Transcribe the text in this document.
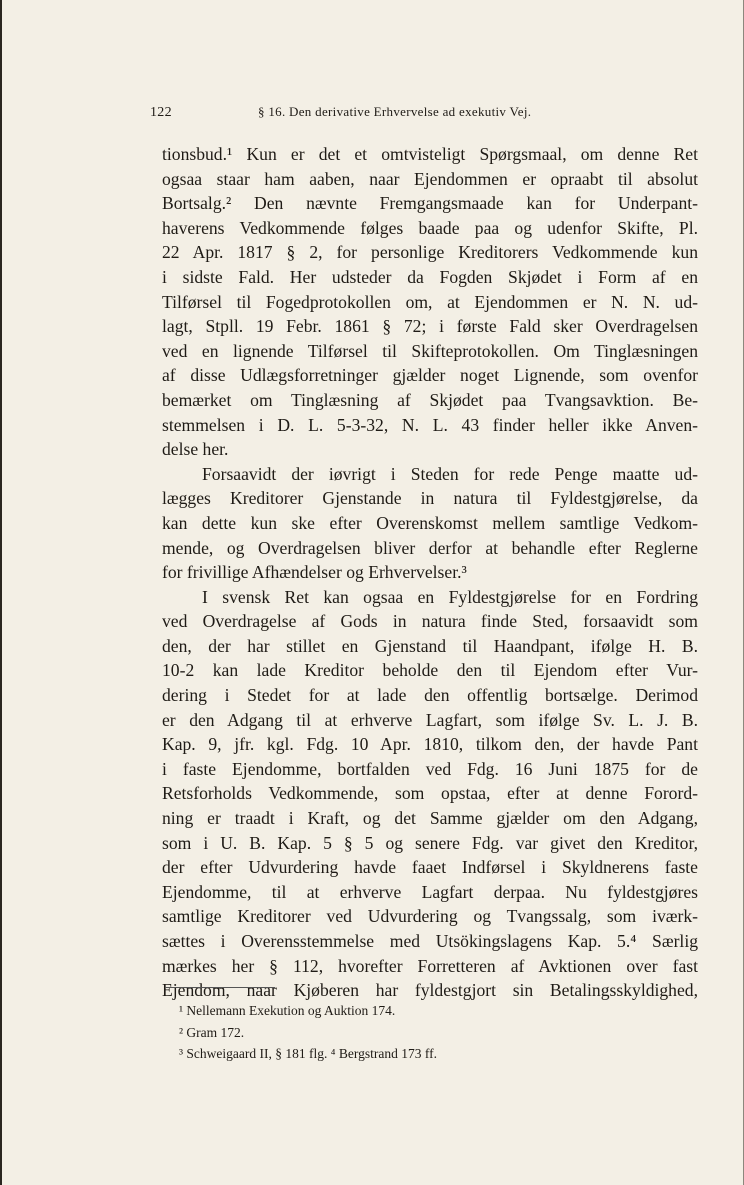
122	§ 16. Den derivative Erhvervelse ad exekutiv Vej.
tionsbud.¹ Kun er det et omtvisteligt Spørgsmaal, om denne Ret
ogsaa staar ham aaben, naar Ejendommen er opraabt til absolut
Bortsalg.² Den nævnte Fremgangsmaade kan for Underpant-
haverens Vedkommende følges baade paa og udenfor Skifte, Pl.
22 Apr. 1817 § 2, for personlige Kreditorers Vedkommende kun
i sidste Fald. Her udsteder da Fogden Skjødet i Form af en
Tilførsel til Fogedprotokollen om, at Ejendommen er N. N. ud-
lagt, Stpll. 19 Febr. 1861 § 72; i første Fald sker Overdragelsen
ved en lignende Tilførsel til Skifteprotokollen. Om Tinglæsningen
af disse Udlægsforretninger gjælder noget Lignende, som ovenfor
bemærket om Tinglæsning af Skjødet paa Tvangsavktion. Be-
stemmelsen i D. L. 5-3-32, N. L. 43 finder heller ikke Anven-
delse her.
Forsaavidt der iøvrigt i Steden for rede Penge maatte ud-
lægges Kreditorer Gjenstande in natura til Fyldestgjørelse, da
kan dette kun ske efter Overenskomst mellem samtlige Vedkom-
mende, og Overdragelsen bliver derfor at behandle efter Reglerne
for frivillige Afhændelser og Erhvervelser.³
I svensk Ret kan ogsaa en Fyldestgjørelse for en Fordring
ved Overdragelse af Gods in natura finde Sted, forsaavidt som
den, der har stillet en Gjenstand til Haandpant, ifølge H. B.
10-2 kan lade Kreditor beholde den til Ejendom efter Vur-
dering i Stedet for at lade den offentlig bortsælge. Derimod
er den Adgang til at erhverve Lagfart, som ifølge Sv. L. J. B.
Kap. 9, jfr. kgl. Fdg. 10 Apr. 1810, tilkom den, der havde Pant
i faste Ejendomme, bortfalden ved Fdg. 16 Juni 1875 for de
Retsforholds Vedkommende, som opstaa, efter at denne Forord-
ning er traadt i Kraft, og det Samme gjælder om den Adgang,
som i U. B. Kap. 5 § 5 og senere Fdg. var givet den Kreditor,
der efter Udvurdering havde faaet Indførsel i Skyldnerens faste
Ejendomme, til at erhverve Lagfart derpaa. Nu fyldestgjøres
samtlige Kreditorer ved Udvurdering og Tvangssalg, som iværk-
sættes i Overensstemmelse med Utsökingslagens Kap. 5.⁴ Særlig
mærkes her § 112, hvorefter Forretteren af Avktionen over fast
Ejendom, naar Kjøberen har fyldestgjort sin Betalingsskyldighed,
¹ Nellemann Exekution og Auktion 174.
² Gram 172.
³ Schweigaard II, § 181 flg. ⁴ Bergstrand 173 ff.
